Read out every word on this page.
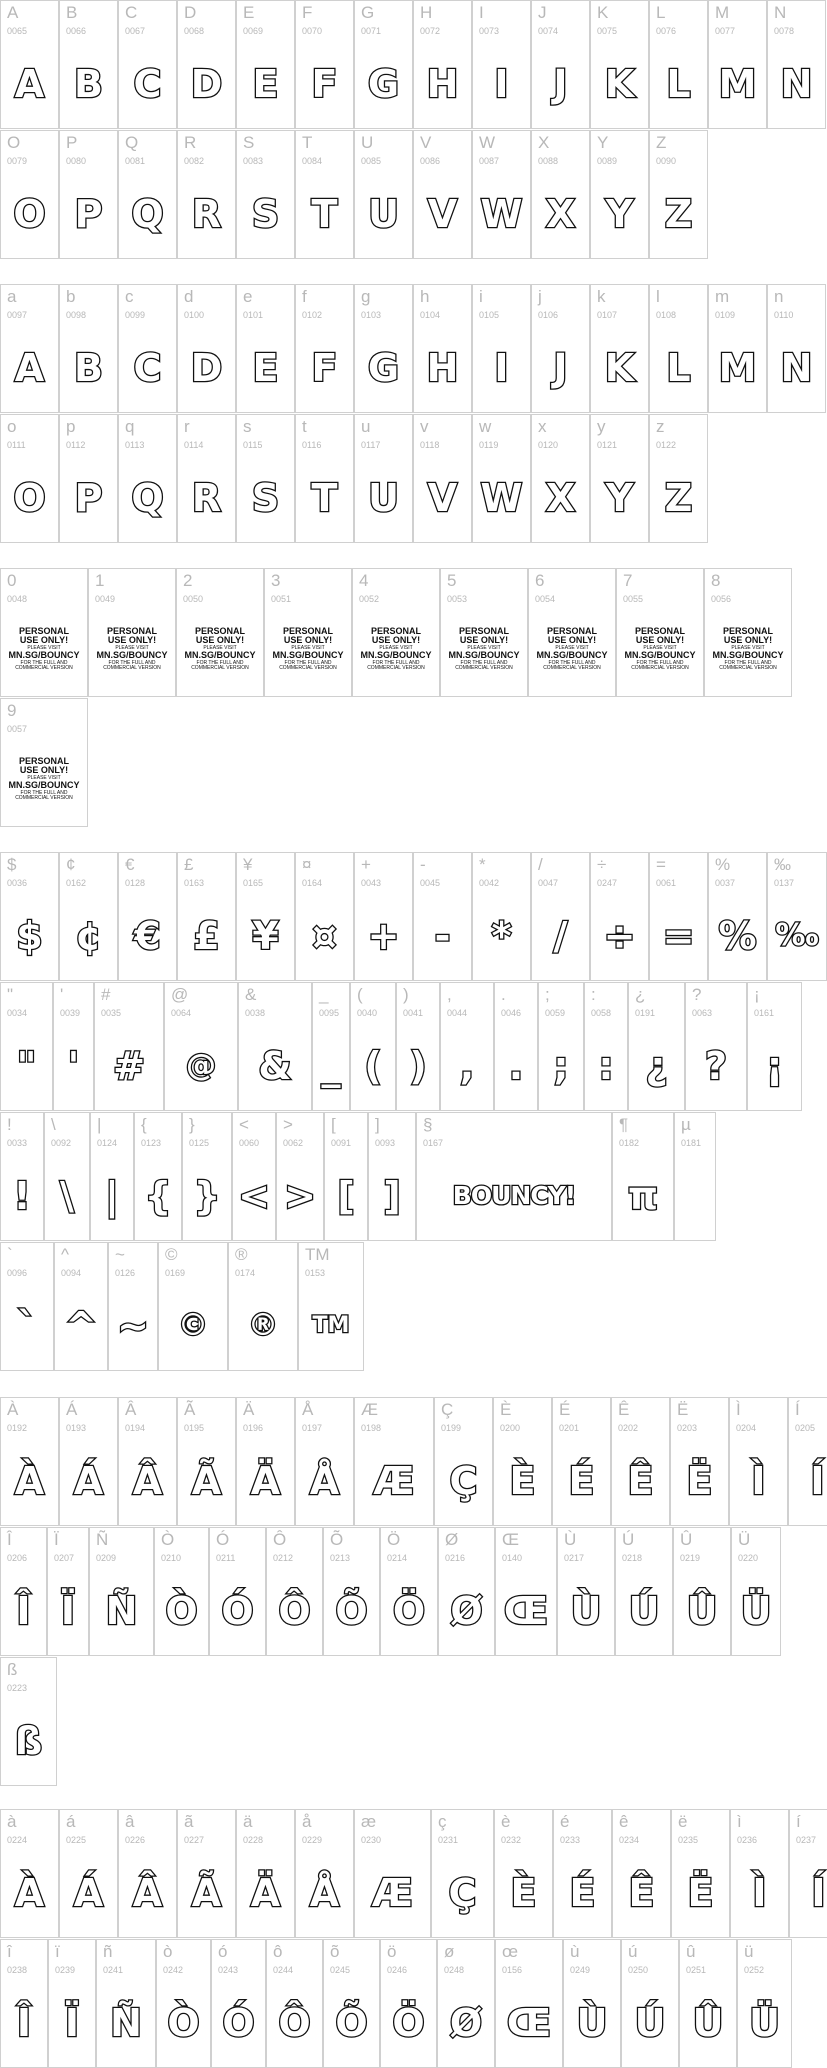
A
0065
A
B
0066
B
C
0067
C
D
0068
D
E
0069
E
F
0070
F
G
0071
G
H
0072
H
I
0073
I
J
0074
J
K
0075
K
L
0076
L
M
0077
M
N
0078
N
O
0079
O
P
0080
P
Q
0081
Q
R
0082
R
S
0083
S
T
0084
T
U
0085
U
V
0086
V
W
0087
W
X
0088
X
Y
0089
Y
Z
0090
Z
a
0097
A
b
0098
B
c
0099
C
d
0100
D
e
0101
E
f
0102
F
g
0103
G
h
0104
H
i
0105
I
j
0106
J
k
0107
K
l
0108
L
m
0109
M
n
0110
N
o
0111
O
p
0112
P
q
0113
Q
r
0114
R
s
0115
S
t
0116
T
u
0117
U
v
0118
V
w
0119
W
x
0120
X
y
0121
Y
z
0122
Z
0
0048
PERSONAL
USE ONLY!
PLEASE VISIT
MN.SG/BOUNCY
FOR THE FULL AND
COMMERCIAL VERSION
1
0049
PERSONAL
USE ONLY!
PLEASE VISIT
MN.SG/BOUNCY
FOR THE FULL AND
COMMERCIAL VERSION
2
0050
PERSONAL
USE ONLY!
PLEASE VISIT
MN.SG/BOUNCY
FOR THE FULL AND
COMMERCIAL VERSION
3
0051
PERSONAL
USE ONLY!
PLEASE VISIT
MN.SG/BOUNCY
FOR THE FULL AND
COMMERCIAL VERSION
4
0052
PERSONAL
USE ONLY!
PLEASE VISIT
MN.SG/BOUNCY
FOR THE FULL AND
COMMERCIAL VERSION
5
0053
PERSONAL
USE ONLY!
PLEASE VISIT
MN.SG/BOUNCY
FOR THE FULL AND
COMMERCIAL VERSION
6
0054
PERSONAL
USE ONLY!
PLEASE VISIT
MN.SG/BOUNCY
FOR THE FULL AND
COMMERCIAL VERSION
7
0055
PERSONAL
USE ONLY!
PLEASE VISIT
MN.SG/BOUNCY
FOR THE FULL AND
COMMERCIAL VERSION
8
0056
PERSONAL
USE ONLY!
PLEASE VISIT
MN.SG/BOUNCY
FOR THE FULL AND
COMMERCIAL VERSION
9
0057
PERSONAL
USE ONLY!
PLEASE VISIT
MN.SG/BOUNCY
FOR THE FULL AND
COMMERCIAL VERSION
$
0036
$
¢
0162
¢
€
0128
€
£
0163
£
¥
0165
¥
¤
0164
¤
+
0043
+
-
0045
-
*
0042
*
/
0047
/
÷
0247
÷
=
0061
=
%
0037
%
‰
0137
‰
"
0034
"
'
0039
'
#
0035
#
@
0064
@
&
0038
&
_
0095
_
(
0040
(
)
0041
)
,
0044
,
.
0046
.
;
0059
;
:
0058
:
¿
0191
¿
?
0063
?
¡
0161
¡
!
0033
!
\
0092
\
|
0124
|
{
0123
{
}
0125
}
<
0060
<
>
0062
>
[
0091
[
]
0093
]
§
0167
BOUNCY!
¶
0182
π
µ
0181
`
0096
`
^
0094
^
~
0126
~
©
0169
©
®
0174
®
TM
0153
TM
À
0192
À
Á
0193
Á
Â
0194
Â
Ã
0195
Ã
Ä
0196
Ä
Å
0197
Å
Æ
0198
Æ
Ç
0199
Ç
È
0200
È
É
0201
É
Ê
0202
Ê
Ë
0203
Ë
Ì
0204
Ì
Í
0205
Í
Î
0206
Î
Ï
0207
Ï
Ñ
0209
Ñ
Ò
0210
Ò
Ó
0211
Ó
Ô
0212
Ô
Õ
0213
Õ
Ö
0214
Ö
Ø
0216
Ø
Œ
0140
Œ
Ù
0217
Ù
Ú
0218
Ú
Û
0219
Û
Ü
0220
Ü
ß
0223
ß
à
0224
À
á
0225
Á
â
0226
Â
ã
0227
Ã
ä
0228
Ä
å
0229
Å
æ
0230
Æ
ç
0231
Ç
è
0232
È
é
0233
É
ê
0234
Ê
ë
0235
Ë
ì
0236
Ì
í
0237
Í
î
0238
Î
ï
0239
Ï
ñ
0241
Ñ
ò
0242
Ò
ó
0243
Ó
ô
0244
Ô
õ
0245
Õ
ö
0246
Ö
ø
0248
Ø
œ
0156
Œ
ù
0249
Ù
ú
0250
Ú
û
0251
Û
ü
0252
Ü
